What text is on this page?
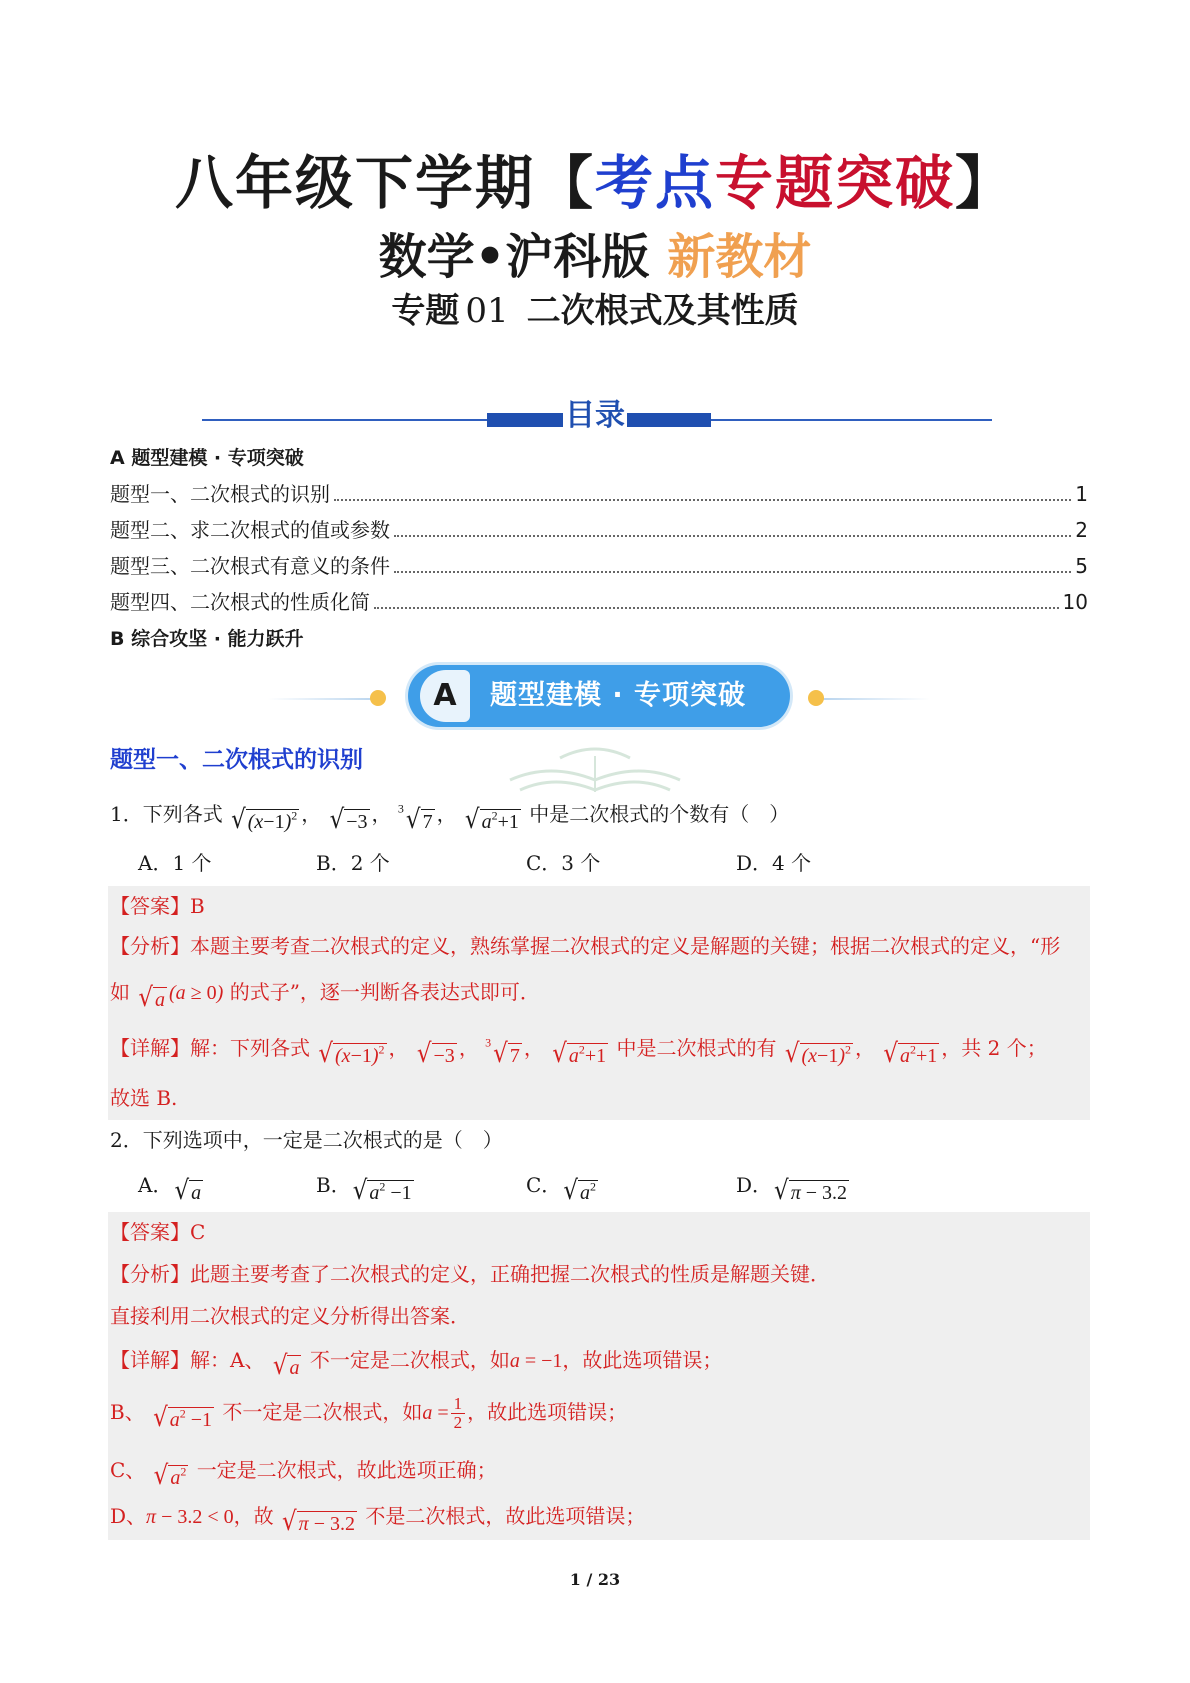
八年级下学期【考点专题突破】
数学•沪科版 新教材
专题 01 二次根式及其性质
目录
A 题型建模 · 专项突破
题型一、二次根式的识别	1
题型二、求二次根式的值或参数	2
题型三、二次根式有意义的条件	5
题型四、二次根式的性质化简	10
B 综合攻坚 · 能力跃升
A	题型建模 · 专项突破
题型一、二次根式的识别
1．下列各式 √ $(x-1)^2$ ， √ −3 ， $^3$ √ 7 ， √ $a^2+1$ 中是二次根式的个数有（　）
A．1 个	B．2 个	C．3 个	D．4 个
【答案】B
【分析】本题主要考查二次根式的定义，熟练掌握二次根式的定义是解题的关键；根据二次根式的定义，“形
如 √ a (a ≥ 0) 的式子”，逐一判断各表达式即可．
【详解】解：下列各式 √ $(x-1)^2$ ， √ −3 ， $^3$ √ 7 ， √ $a^2+1$ 中是二次根式的有 √ $(x-1)^2$ ， √ $a^2+1$ ，共 2 个；
故选 B.
2．下列选项中，一定是二次根式的是（　）
A． √ a	B． √ $a^2 -1$	C． √ $a^2$	D． √ π − 3.2
【答案】C
【分析】此题主要考查了二次根式的定义，正确把握二次根式的性质是解题关键．
直接利用二次根式的定义分析得出答案．
【详解】解：A、 √ a 不一定是二次根式，如a = −1，故此选项错误；
B、 √ $a^2 -1$ 不一定是二次根式，如$a = \frac{1}{2}$ ，故此选项错误；
C、 √ $a^2$ 一定是二次根式，故此选项正确；
D、π − 3.2 < 0，故 √ π − 3.2 不是二次根式，故此选项错误；
1 / 23
